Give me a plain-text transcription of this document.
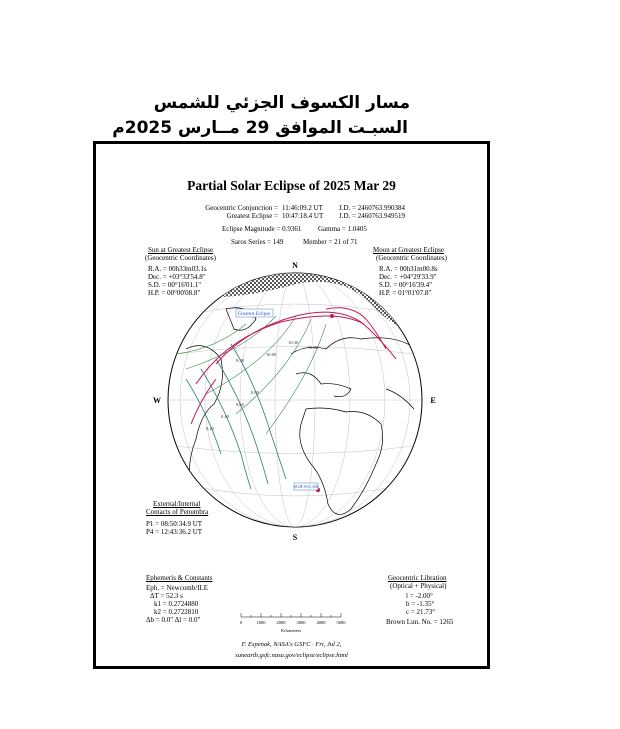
مسار الكسوف الجزئي للشمس
السبـت الموافق 29 مــارس 2025م
Partial Solar Eclipse of 2025 Mar 29
Geocentric Conjunction = 11:46:09.2 UT J.D. = 2460763.990384
Greatest Eclipse = 10:47:18.4 UT J.D. = 2460763.949519
Eclipse Magnitude = 0.9361 Gamma = 1.0405
Saros Series = 149	Member = 21 of 71
Sun at Greatest Eclipse
(Geocentric Coordinates)
R.A. = 00h33m03.1s
Dec. = +03°33'54.8"
S.D. = 00°16'01.1"
H.P. = 00°00'08.8"
Moon at Greatest Eclipse
(Geocentric Coordinates)
R.A. = 00h31m00.8s
Dec. = +04°29'33.9"
S.D. = 00°16'39.4"
H.P. = 01°01'07.8"
N
S
W	E
Greatest Eclipse
SUB SOLAR
0.80
0.60
0.40
0.20
11:00
10:30
10:00
9:30
External/Internal
Contacts of Penumbra
P1 = 08:50:34.9 UT
P4 = 12:43:36.2 UT
Ephemeris & Constants
Eph. = Newcomb/ILE
ΔT = 52.3 s
k1 = 0.2724880
k2 = 0.2722810
Δb = 0.0" Δl = 0.0"
Geocentric Libration
(Optical + Physical)
l = -2.00°
b = -1.35°
c = 21.73°
Brown Lun. No. = 1265
0	1000 2000 3000 4000 5000
Kilometers
F. Espenak, NASA's GSFC · Fri, Jul 2,
sunearth.gsfc.nasa.gov/eclipse/eclipse.html
